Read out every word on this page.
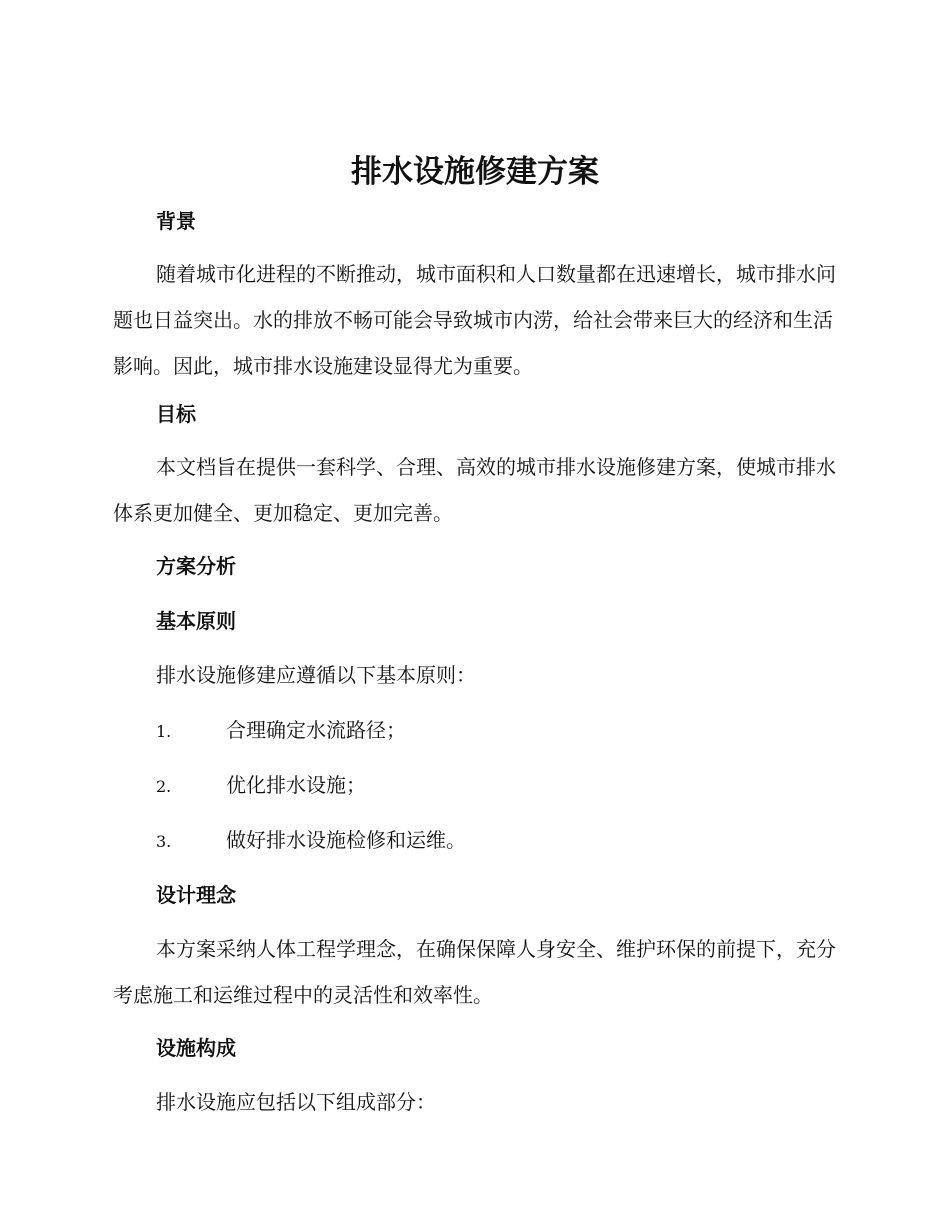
排水设施修建方案
背景

随着城市化进程的不断推动，城市面积和人口数量都在迅速增长，城市排水问题也日益突出。水的排放不畅可能会导致城市内涝，给社会带来巨大的经济和生活影响。因此，城市排水设施建设显得尤为重要。

目标

本文档旨在提供一套科学、合理、高效的城市排水设施修建方案，使城市排水体系更加健全、更加稳定、更加完善。

方案分析
基本原则

排水设施修建应遵循以下基本原则：

1.	合理确定水流路径；

2.	优化排水设施；

3.	做好排水设施检修和运维。

设计理念

本方案采纳人体工程学理念，在确保保障人身安全、维护环保的前提下，充分考虑施工和运维过程中的灵活性和效率性。

设施构成

排水设施应包括以下组成部分：
